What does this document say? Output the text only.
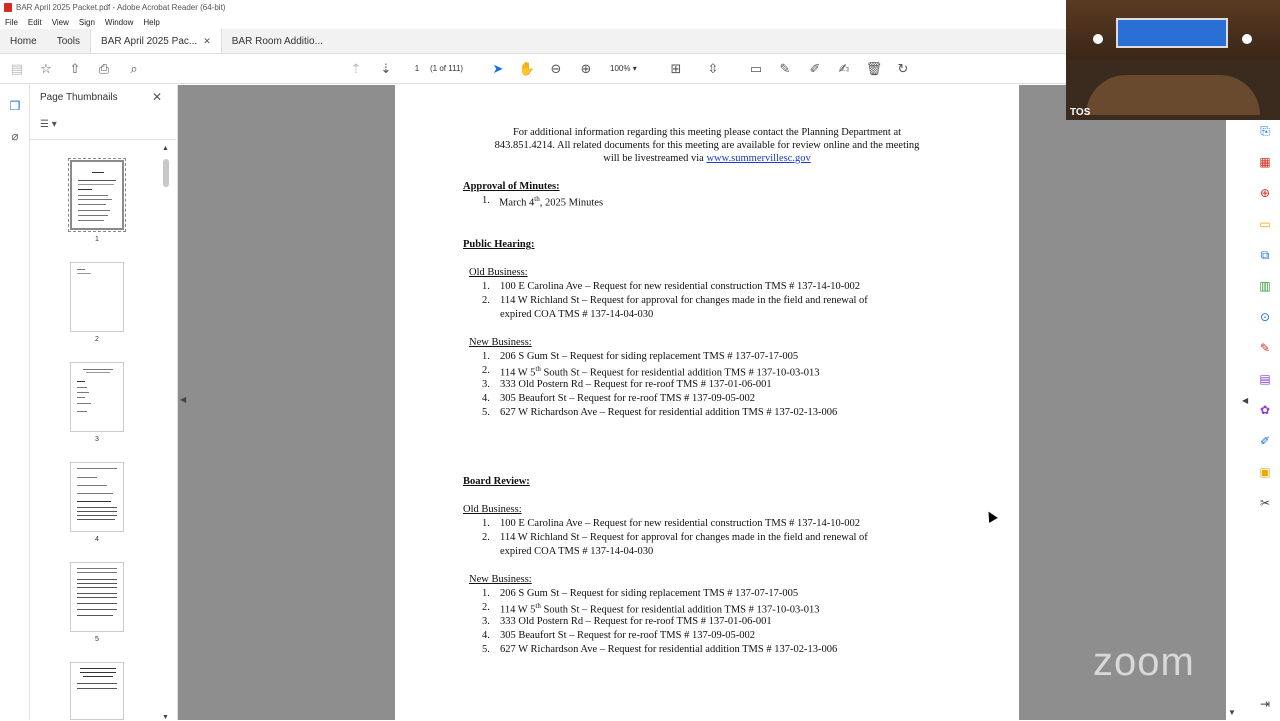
BAR April 2025 Packet.pdf - Adobe Acrobat Reader (64-bit)
File	Edit	View	Sign	Window	Help
Home Tools BAR April 2025 Pac... ✕ BAR Room Additio...
▤ ☆ ⇧ ⎙	⌕	⇡ ⇣	1	(1 of 111) ➤ ✋ ⊖ ⊕	100% ▾	⊞ ⇳ ▭ ✎ ✐ ✍ 🗑 ↻
❐
⌀
Page Thumbnails	✕
☰ ▾
1
2
3
4
5
▲
▼
For additional information regarding this meeting please contact the Planning Department at
843.851.4214. All related documents for this meeting are available for review online and the meeting
will be livestreamed via www.summervillesc.gov
Approval of Minutes:
1. March 4th, 2025 Minutes
Public Hearing:
Old Business:
1. 100 E Carolina Ave – Request for new residential construction TMS # 137-14-10-002
2. 114 W Richland St – Request for approval for changes made in the field and renewal of
expired COA TMS # 137-14-04-030
New Business:
1. 206 S Gum St – Request for siding replacement TMS # 137-07-17-005
2. 114 W 5th South St – Request for residential addition TMS # 137-10-03-013
3. 333 Old Postern Rd – Request for re-roof TMS # 137-01-06-001
4. 305 Beaufort St – Request for re-roof TMS # 137-09-05-002
5. 627 W Richardson Ave – Request for residential addition TMS # 137-02-13-006
Board Review:
Old Business:
1. 100 E Carolina Ave – Request for new residential construction TMS # 137-14-10-002
2. 114 W Richland St – Request for approval for changes made in the field and renewal of
expired COA TMS # 137-14-04-030
New Business:
1. 206 S Gum St – Request for siding replacement TMS # 137-07-17-005
2. 114 W 5th South St – Request for residential addition TMS # 137-10-03-013
3. 333 Old Postern Rd – Request for re-roof TMS # 137-01-06-001
4. 305 Beaufort St – Request for re-roof TMS # 137-09-05-002
5. 627 W Richardson Ave – Request for residential addition TMS # 137-02-13-006
◀	◀
▼
⎘
▦
⊕
▭
⧉
▥
⊙
✎
▤
✿
✐
▣
✂
⇥
TOS
zoom
